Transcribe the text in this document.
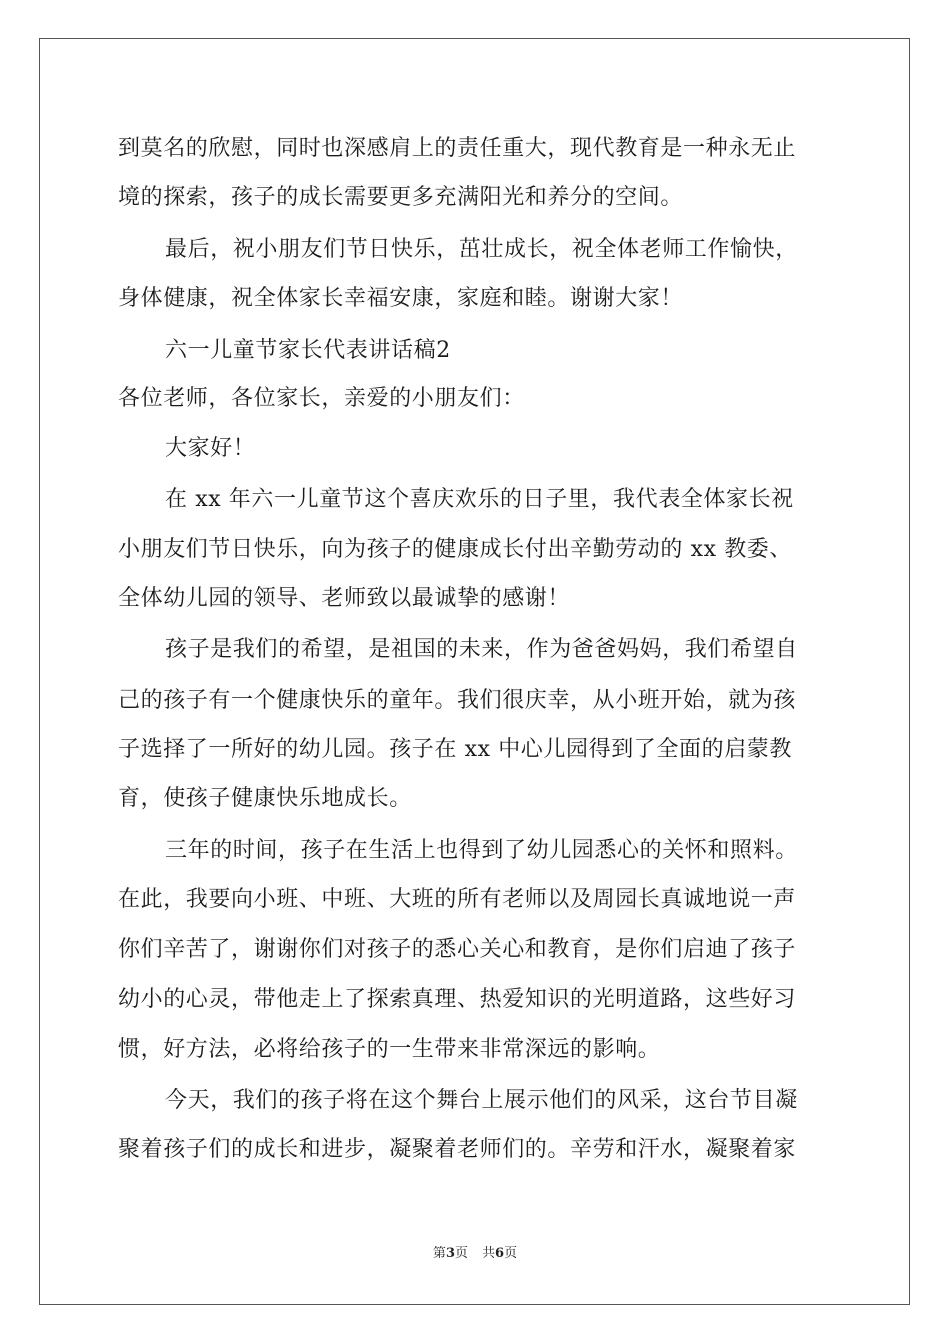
到莫名的欣慰，同时也深感肩上的责任重大，现代教育是一种永无止
境的探索，孩子的成长需要更多充满阳光和养分的空间。
最后，祝小朋友们节日快乐，茁壮成长，祝全体老师工作愉快，
身体健康，祝全体家长幸福安康，家庭和睦。谢谢大家！
六一儿童节家长代表讲话稿2
各位老师，各位家长，亲爱的小朋友们：
大家好！
在 xx 年六一儿童节这个喜庆欢乐的日子里，我代表全体家长祝
小朋友们节日快乐，向为孩子的健康成长付出辛勤劳动的 xx 教委、
全体幼儿园的领导、老师致以最诚挚的感谢！
孩子是我们的希望，是祖国的未来，作为爸爸妈妈，我们希望自
己的孩子有一个健康快乐的童年。我们很庆幸，从小班开始，就为孩
子选择了一所好的幼儿园。孩子在 xx 中心儿园得到了全面的启蒙教
育，使孩子健康快乐地成长。
三年的时间，孩子在生活上也得到了幼儿园悉心的关怀和照料。
在此，我要向小班、中班、大班的所有老师以及周园长真诚地说一声
你们辛苦了，谢谢你们对孩子的悉心关心和教育，是你们启迪了孩子
幼小的心灵，带他走上了探索真理、热爱知识的光明道路，这些好习
惯，好方法，必将给孩子的一生带来非常深远的影响。
今天，我们的孩子将在这个舞台上展示他们的风采，这台节目凝
聚着孩子们的成长和进步，凝聚着老师们的。辛劳和汗水，凝聚着家
第3页 共6页
